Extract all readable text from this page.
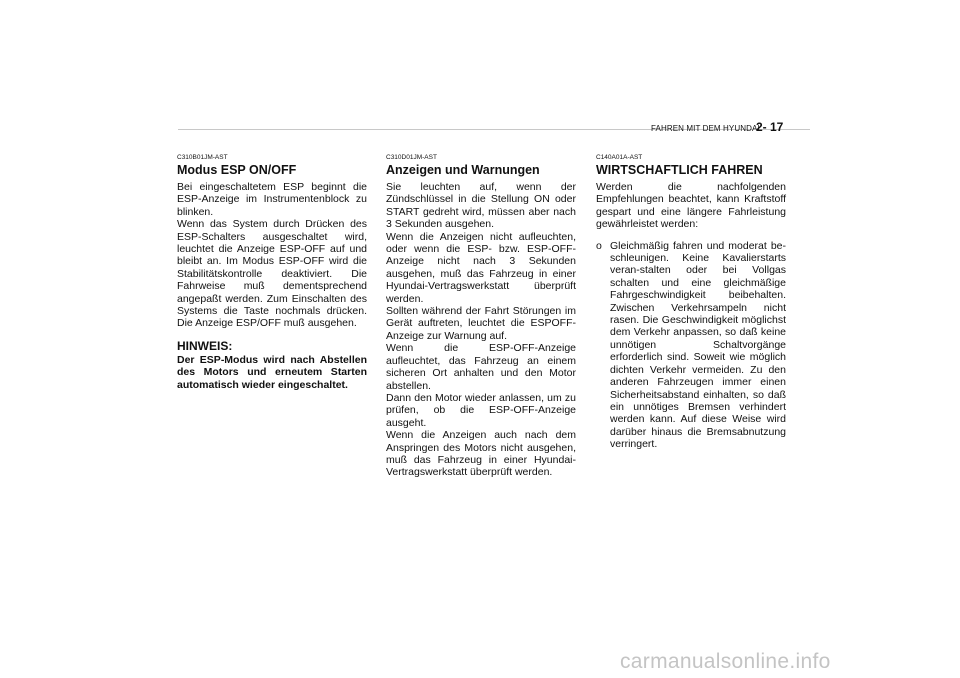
FAHREN MIT DEM HYUNDAI
2- 17

C310B01JM-AST

Modus ESP ON/OFF

Bei eingeschaltetem ESP beginnt die ESP-Anzeige im Instrumentenblock zu blinken.

Wenn das System durch Drücken des ESP-Schalters ausgeschaltet wird, leuchtet die Anzeige ESP-OFF auf und bleibt an. Im Modus ESP-OFF wird die Stabilitätskontrolle deaktiviert. Die Fahrweise muß dementsprechend angepaßt werden. Zum Einschalten des Systems die Taste nochmals drücken. Die Anzeige ESP/OFF muß ausgehen.

HINWEIS:

Der ESP-Modus wird nach Abstellen des Motors und erneutem Starten automatisch wieder eingeschaltet.

C310D01JM-AST

Anzeigen und Warnungen

Sie leuchten auf, wenn der Zündschlüssel in die Stellung ON oder START gedreht wird, müssen aber nach 3 Sekunden ausgehen.

Wenn die Anzeigen nicht aufleuchten, oder wenn die ESP- bzw. ESP-OFF-Anzeige nicht nach 3 Sekunden ausgehen, muß das Fahrzeug in einer Hyundai-Vertragswerkstatt überprüft werden.

Sollten während der Fahrt Störungen im Gerät auftreten, leuchtet die ESPOFF-Anzeige zur Warnung auf.

Wenn die ESP-OFF-Anzeige aufleuchtet, das Fahrzeug an einem sicheren Ort anhalten und den Motor abstellen.

Dann den Motor wieder anlassen, um zu prüfen, ob die ESP-OFF-Anzeige ausgeht.

Wenn die Anzeigen auch nach dem Anspringen des Motors nicht ausgehen, muß das Fahrzeug in einer Hyundai-Vertragswerkstatt überprüft werden.

C140A01A-AST

WIRTSCHAFTLICH FAHREN

Werden die nachfolgenden Empfehlungen beachtet, kann Kraftstoff gespart und eine längere Fahrleistung gewährleistet werden:

o Gleichmäßig fahren und moderat be-schleunigen. Keine Kavalierstarts veran-stalten oder bei Vollgas schalten und eine gleichmäßige Fahrgeschwindigkeit beibehalten. Zwischen Verkehrsampeln nicht rasen. Die Geschwindigkeit möglichst dem Verkehr anpassen, so daß keine unnötigen Schaltvorgänge erforderlich sind. Soweit wie möglich dichten Verkehr vermeiden. Zu den anderen Fahrzeugen immer einen Sicherheitsabstand einhalten, so daß ein unnötiges Bremsen verhindert werden kann. Auf diese Weise wird darüber hinaus die Bremsabnutzung verringert.

carmanualsonline.info
